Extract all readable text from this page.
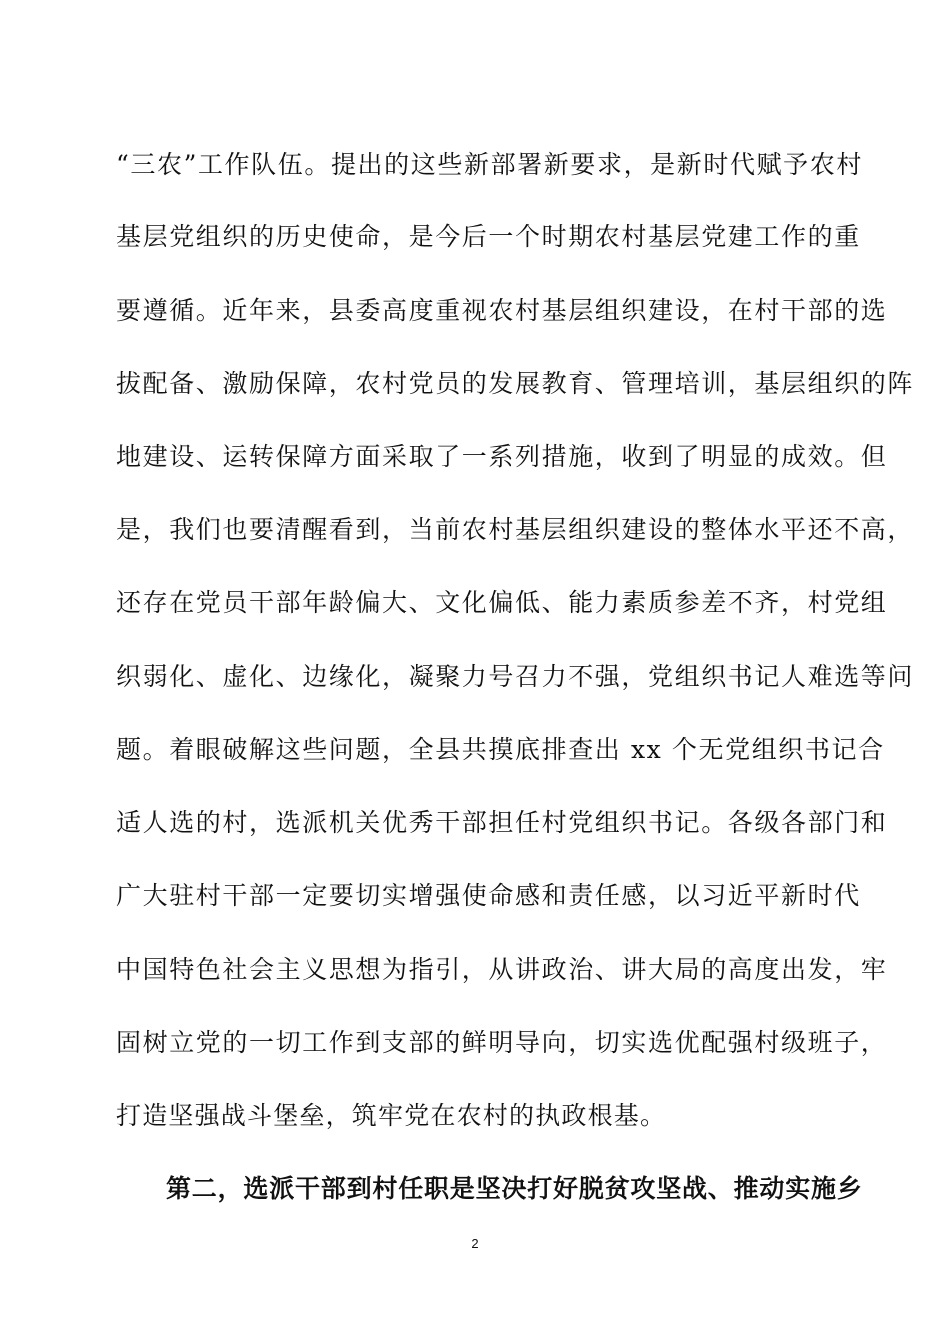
“三农”工作队伍。提出的这些新部署新要求，是新时代赋予农村
基层党组织的历史使命，是今后一个时期农村基层党建工作的重
要遵循。近年来，县委高度重视农村基层组织建设，在村干部的选
拔配备、激励保障，农村党员的发展教育、管理培训，基层组织的阵
地建设、运转保障方面采取了一系列措施，收到了明显的成效。但
是，我们也要清醒看到，当前农村基层组织建设的整体水平还不高，
还存在党员干部年龄偏大、文化偏低、能力素质参差不齐，村党组
织弱化、虚化、边缘化，凝聚力号召力不强，党组织书记人难选等问
题。着眼破解这些问题，全县共摸底排查出 xx 个无党组织书记合
适人选的村，选派机关优秀干部担任村党组织书记。各级各部门和
广大驻村干部一定要切实增强使命感和责任感，以习近平新时代
中国特色社会主义思想为指引，从讲政治、讲大局的高度出发，牢
固树立党的一切工作到支部的鲜明导向，切实选优配强村级班子，
打造坚强战斗堡垒，筑牢党在农村的执政根基。
第二，选派干部到村任职是坚决打好脱贫攻坚战、推动实施乡
2
